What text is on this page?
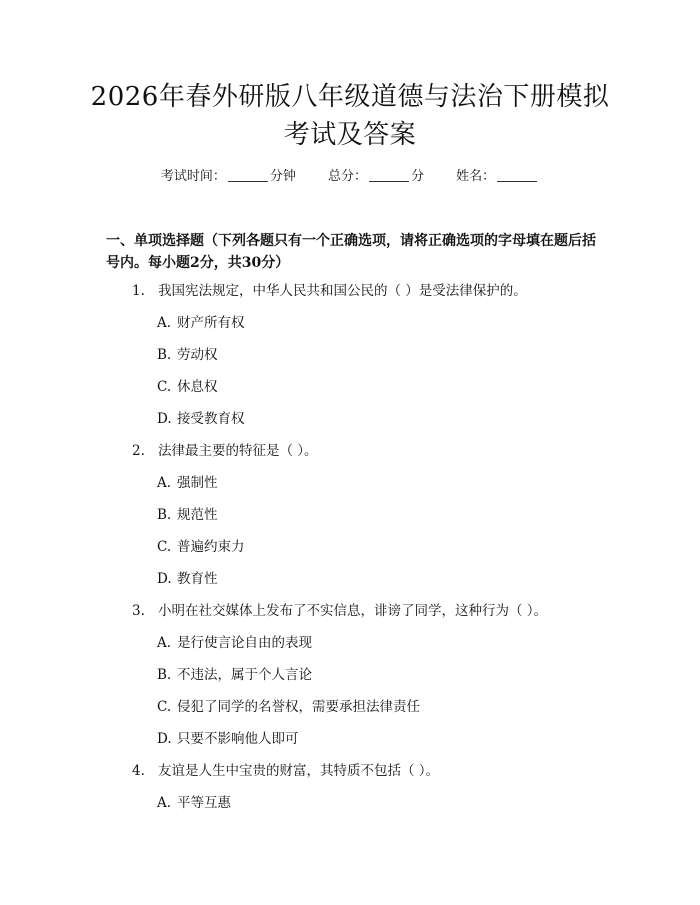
2026年春外研版八年级道德与法治下册模拟
考试及答案
考试时间：	分钟 总分：	分 姓名：

一、单项选择题（下列各题只有一个正确选项，请将正确选项的字母填在题后括号内。每小题2分，共30分）

1. 我国宪法规定，中华人民共和国公民的（ ）是受法律保护的。
A. 财产所有权
B. 劳动权
C. 休息权
D. 接受教育权
2. 法律最主要的特征是（ ）。
A. 强制性
B. 规范性
C. 普遍约束力
D. 教育性
3. 小明在社交媒体上发布了不实信息，诽谤了同学，这种行为（ ）。
A. 是行使言论自由的表现
B. 不违法，属于个人言论
C. 侵犯了同学的名誉权，需要承担法律责任
D. 只要不影响他人即可
4. 友谊是人生中宝贵的财富，其特质不包括（ ）。
A. 平等互惠
